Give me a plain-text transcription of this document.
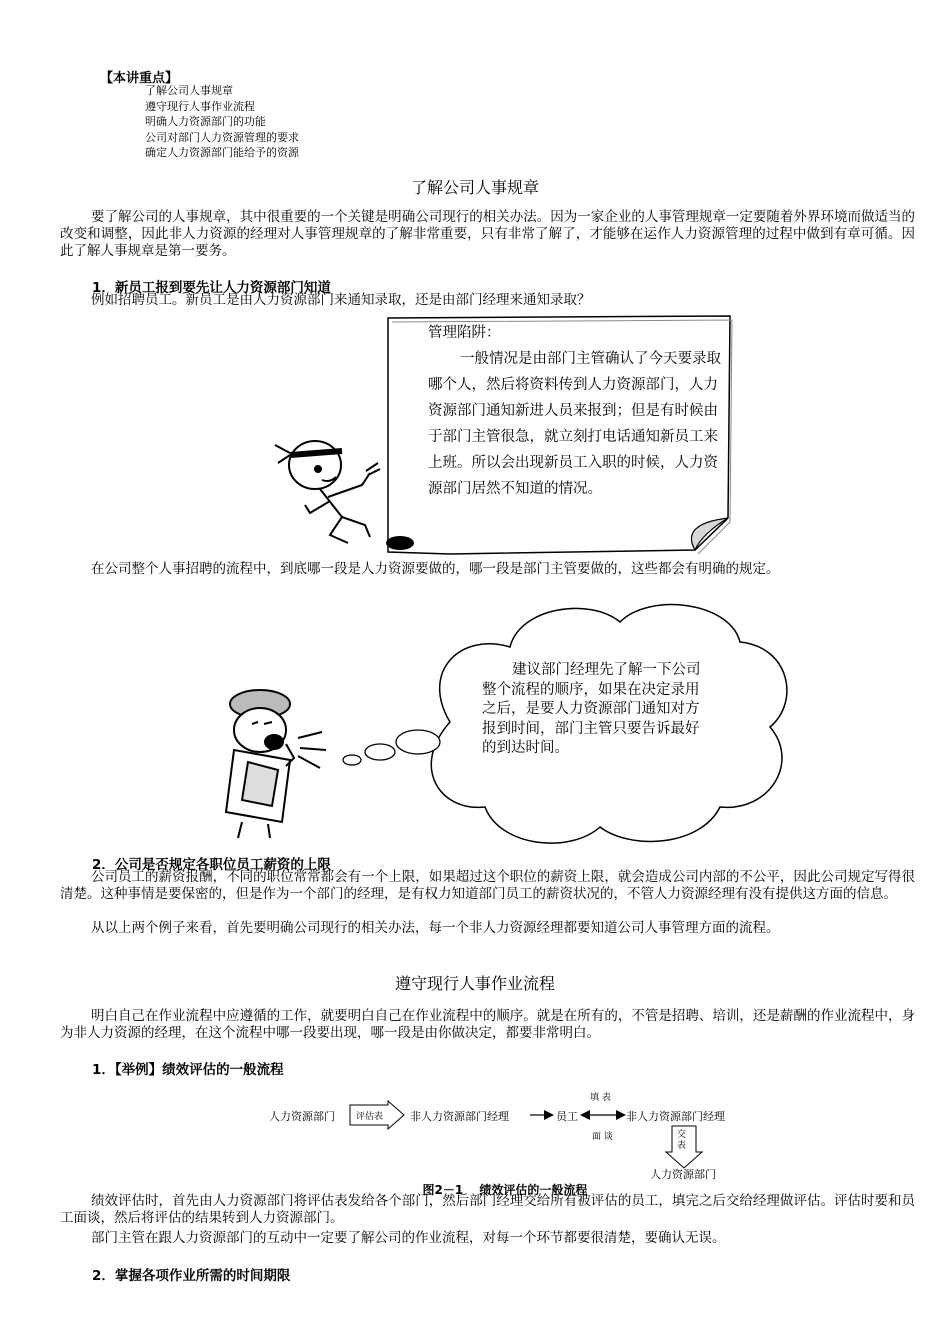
【本讲重点】
了解公司人事规章
遵守现行人事作业流程
明确人力资源部门的功能
公司对部门人力资源管理的要求
确定人力资源部门能给予的资源
了解公司人事规章
要了解公司的人事规章，其中很重要的一个关键是明确公司现行的相关办法。因为一家企业的人事管理规章一定要随着外界环境而做适当的改变和调整，因此非人力资源的经理对人事管理规章的了解非常重要，只有非常了解了，才能够在运作人力资源管理的过程中做到有章可循。因此了解人事规章是第一要务。
1．新员工报到要先让人力资源部门知道
例如招聘员工。新员工是由人力资源部门来通知录取，还是由部门经理来通知录取？
管理陷阱：
一般情况是由部门主管确认了今天要录取哪个人，然后将资料传到人力资源部门，人力资源部门通知新进人员来报到；但是有时候由于部门主管很急，就立刻打电话通知新员工来上班。所以会出现新员工入职的时候，人力资源部门居然不知道的情况。
在公司整个人事招聘的流程中，到底哪一段是人力资源要做的，哪一段是部门主管要做的，这些都会有明确的规定。
建议部门经理先了解一下公司整个流程的顺序，如果在决定录用之后，是要人力资源部门通知对方报到时间，部门主管只要告诉最好的到达时间。
2．公司是否规定各职位员工薪资的上限
公司员工的薪资报酬，不同的职位常常都会有一个上限，如果超过这个职位的薪资上限，就会造成公司内部的不公平，因此公司规定写得很清楚。这种事情是要保密的，但是作为一个部门的经理，是有权力知道部门员工的薪资状况的，不管人力资源经理有没有提供这方面的信息。
从以上两个例子来看，首先要明确公司现行的相关办法，每一个非人力资源经理都要知道公司人事管理方面的流程。
遵守现行人事作业流程
明白自己在作业流程中应遵循的工作，就要明白自己在作业流程中的顺序。就是在所有的，不管是招聘、培训，还是薪酬的作业流程中，身为非人力资源的经理，在这个流程中哪一段要出现，哪一段是由你做决定，都要非常明白。
1．【举例】绩效评估的一般流程
人力资源部门 评估表 非人力资源部门经理	员工
填 表
面 谈
非人力资源部门经理
交表
人力资源部门
图2－1　 绩效评估的一般流程
绩效评估时，首先由人力资源部门将评估表发给各个部门，然后部门经理交给所有被评估的员工，填完之后交给经理做评估。评估时要和员工面谈，然后将评估的结果转到人力资源部门。
部门主管在跟人力资源部门的互动中一定要了解公司的作业流程，对每一个环节都要很清楚，要确认无误。
2．掌握各项作业所需的时间期限
